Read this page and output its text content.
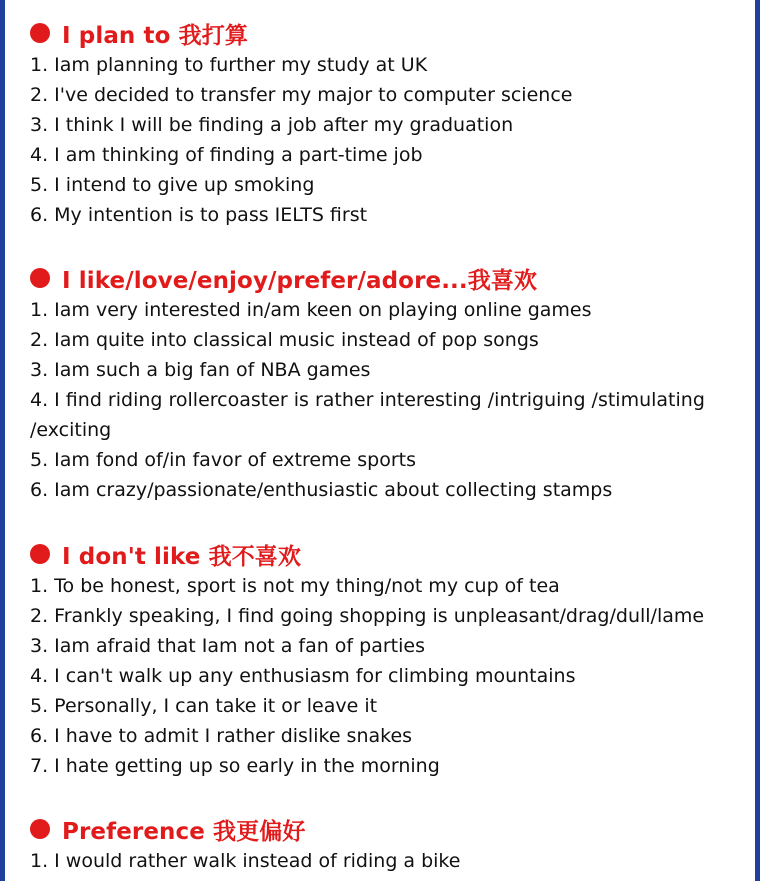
I plan to 我打算
1. Iam planning to further my study at UK
2. I've decided to transfer my major to computer science
3. I think I will be finding a job after my graduation
4. I am thinking of finding a part-time job
5. I intend to give up smoking
6. My intention is to pass IELTS first
I like/love/enjoy/prefer/adore...我喜欢
1. Iam very interested in/am keen on playing online games
2. Iam quite into classical music instead of pop songs
3. Iam such a big fan of NBA games
4. I find riding rollercoaster is rather interesting /intriguing /stimulating
/exciting
5. Iam fond of/in favor of extreme sports
6. Iam crazy/passionate/enthusiastic about collecting stamps
I don't like 我不喜欢
1. To be honest, sport is not my thing/not my cup of tea
2. Frankly speaking, I find going shopping is unpleasant/drag/dull/lame
3. Iam afraid that Iam not a fan of parties
4. I can't walk up any enthusiasm for climbing mountains
5. Personally, I can take it or leave it
6. I have to admit I rather dislike snakes
7. I hate getting up so early in the morning
Preference 我更偏好
1. I would rather walk instead of riding a bike
